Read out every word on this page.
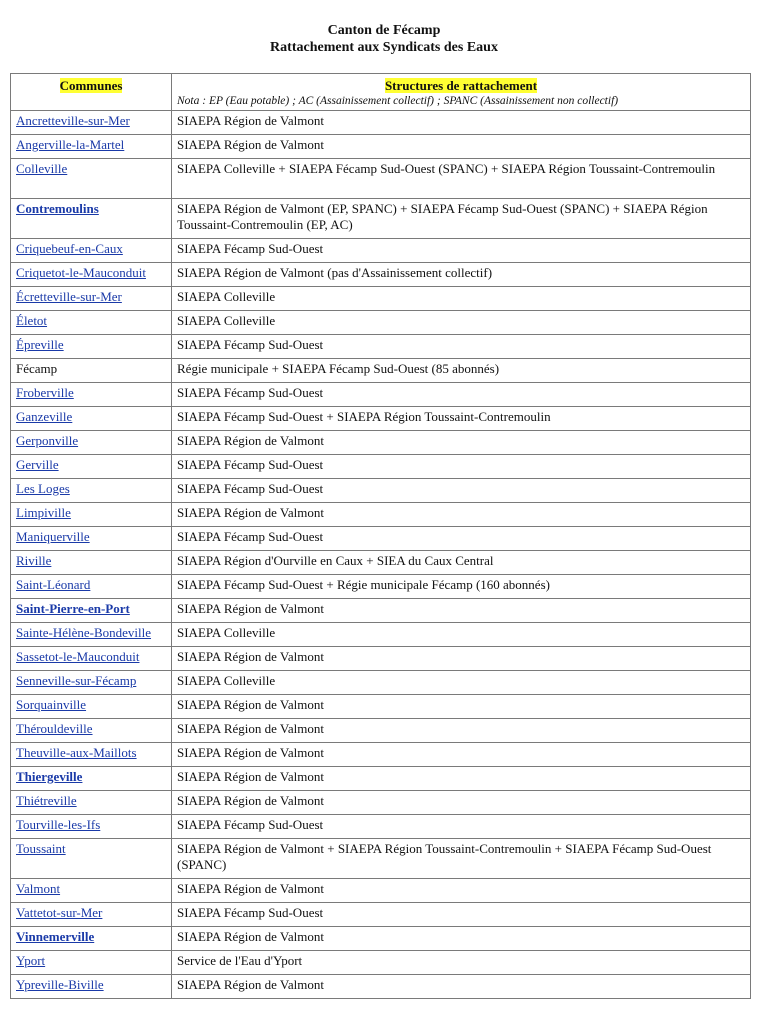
Canton de Fécamp
Rattachement aux Syndicats des Eaux
Communes	Structures de rattachement
Nota : EP (Eau potable) ; AC (Assainissement collectif) ; SPANC (Assainissement non collectif)

Ancretteville-sur-Mer	SIAEPA Région de Valmont
Angerville-la-Martel	SIAEPA Région de Valmont
Colleville	SIAEPA Colleville + SIAEPA Fécamp Sud-Ouest (SPANC) + SIAEPA Région Toussaint-Contremoulin
Contremoulins	SIAEPA Région de Valmont (EP, SPANC) + SIAEPA Fécamp Sud-Ouest (SPANC) + SIAEPA Région Toussaint-Contremoulin (EP, AC)
Criquebeuf-en-Caux	SIAEPA Fécamp Sud-Ouest
Criquetot-le-Mauconduit	SIAEPA Région de Valmont (pas d'Assainissement collectif)
Écretteville-sur-Mer	SIAEPA Colleville
Életot	SIAEPA Colleville
Épreville	SIAEPA Fécamp Sud-Ouest
Fécamp	Régie municipale + SIAEPA Fécamp Sud-Ouest (85 abonnés)
Froberville	SIAEPA Fécamp Sud-Ouest
Ganzeville	SIAEPA Fécamp Sud-Ouest + SIAEPA Région Toussaint-Contremoulin
Gerponville	SIAEPA Région de Valmont
Gerville	SIAEPA Fécamp Sud-Ouest
Les Loges	SIAEPA Fécamp Sud-Ouest
Limpiville	SIAEPA Région de Valmont
Maniquerville	SIAEPA Fécamp Sud-Ouest
Riville	SIAEPA Région d'Ourville en Caux + SIEA du Caux Central
Saint-Léonard	SIAEPA Fécamp Sud-Ouest + Régie municipale Fécamp (160 abonnés)
Saint-Pierre-en-Port	SIAEPA Région de Valmont
Sainte-Hélène-Bondeville	SIAEPA Colleville
Sassetot-le-Mauconduit	SIAEPA Région de Valmont
Senneville-sur-Fécamp	SIAEPA Colleville
Sorquainville	SIAEPA Région de Valmont
Thérouldeville	SIAEPA Région de Valmont
Theuville-aux-Maillots	SIAEPA Région de Valmont
Thiergeville	SIAEPA Région de Valmont
Thiétreville	SIAEPA Région de Valmont
Tourville-les-Ifs	SIAEPA Fécamp Sud-Ouest
Toussaint	SIAEPA Région de Valmont + SIAEPA Région Toussaint-Contremoulin + SIAEPA Fécamp Sud-Ouest (SPANC)
Valmont	SIAEPA Région de Valmont
Vattetot-sur-Mer	SIAEPA Fécamp Sud-Ouest
Vinnemerville	SIAEPA Région de Valmont
Yport	Service de l'Eau d'Yport
Ypreville-Biville	SIAEPA Région de Valmont
